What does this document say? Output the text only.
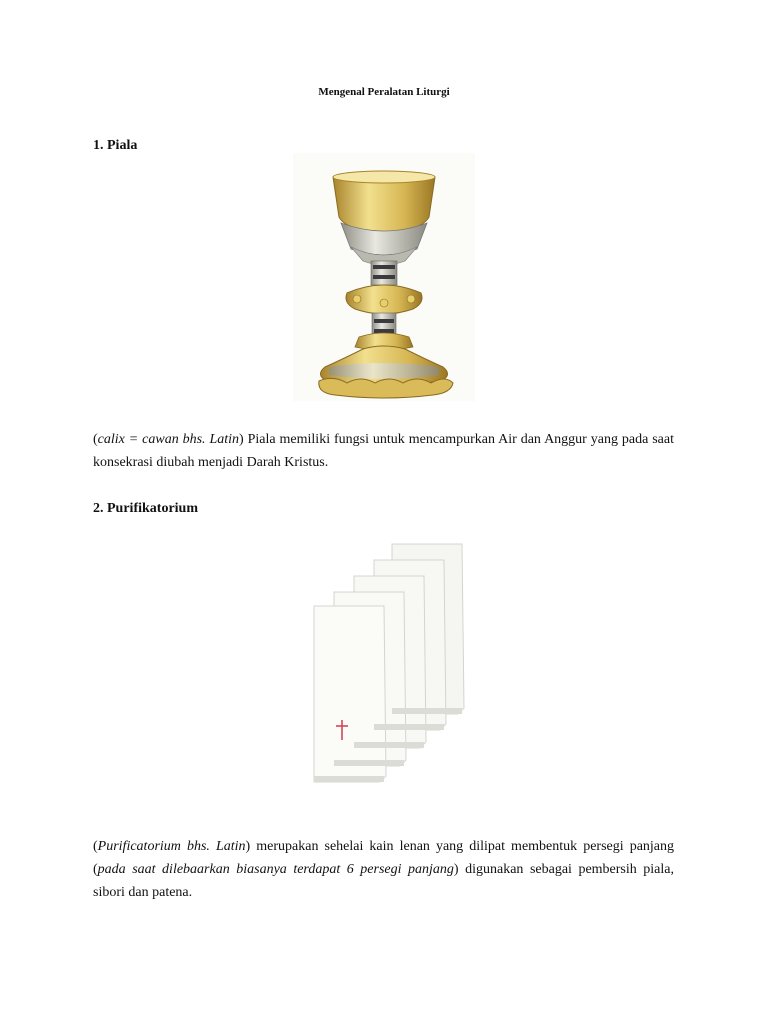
Mengenal Peralatan Liturgi
1. Piala

(calix = cawan bhs. Latin) Piala memiliki fungsi untuk mencampurkan Air dan Anggur yang pada saat konsekrasi diubah menjadi Darah Kristus.

2. Purifikatorium

(Purificatorium bhs. Latin) merupakan sehelai kain lenan yang dilipat membentuk persegi panjang (pada saat dilebaarkan biasanya terdapat 6 persegi panjang) digunakan sebagai pembersih piala, sibori dan patena.
